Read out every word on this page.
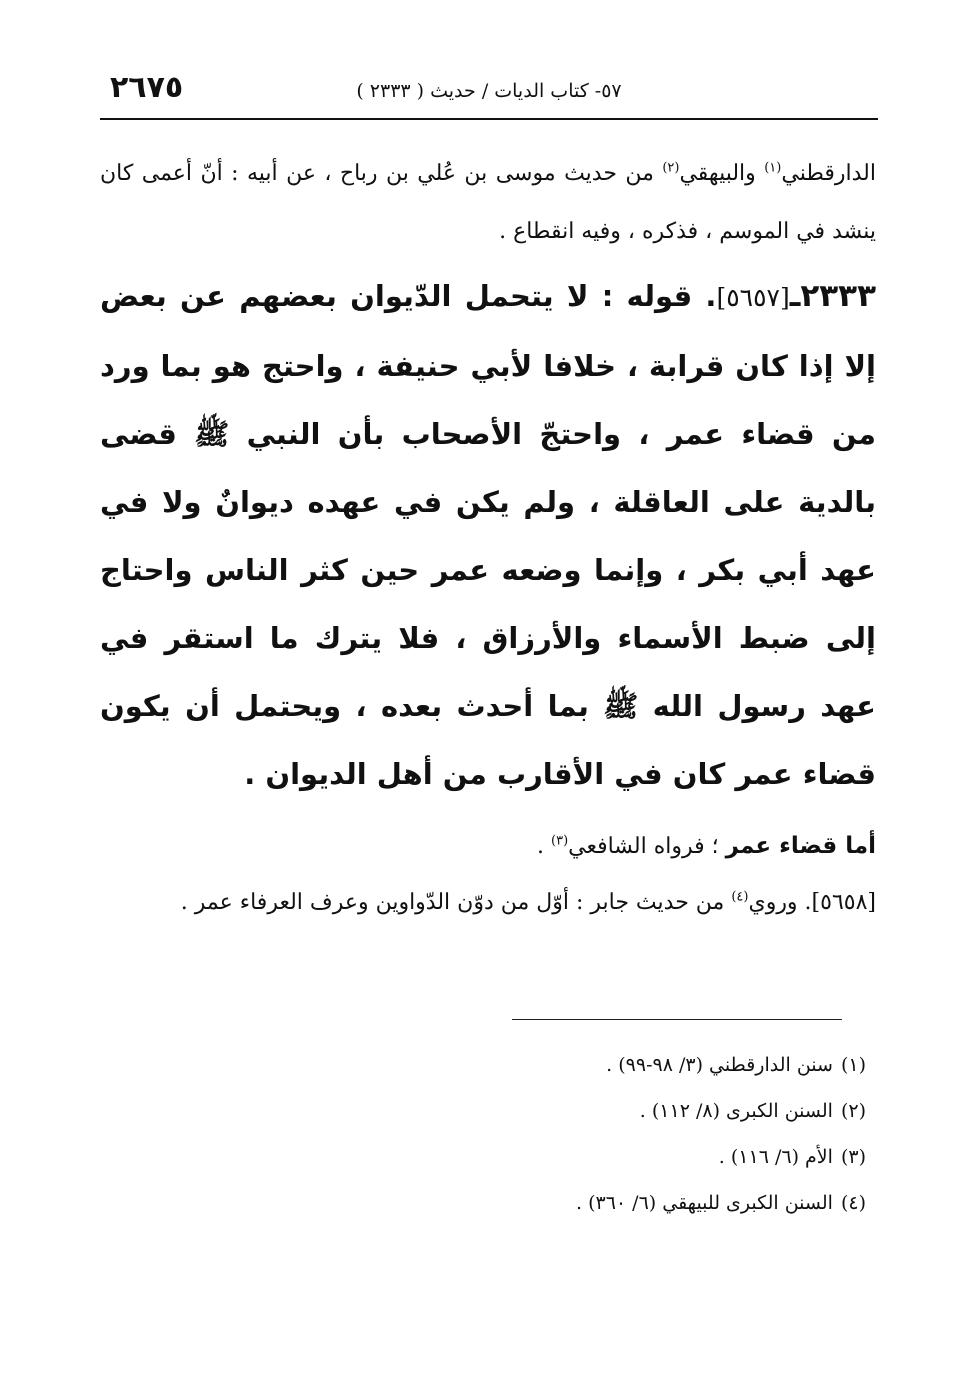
٢٦٧٥	٥٧- كتاب الديات / حديث ( ٢٣٣٣ )

الدارقطني$^{(١)}$ والبيهقي$^{(٢)}$ من حديث موسى بن عُلي بن رباح ، عن أبيه : أنّ أعمى كان ينشد في الموسم ، فذكره ، وفيه انقطاع .

٢٣٣٣ـ[٥٦٥٧]. قوله : لا يتحمل الدّيوان بعضهم عن بعض إلا إذا كان قرابة ، خلافا لأبي حنيفة ، واحتج هو بما ورد من قضاء عمر ، واحتجّ الأصحاب بأن النبي ﷺ قضى بالدية على العاقلة ، ولم يكن في عهده ديوانٌ ولا في عهد أبي بكر ، وإنما وضعه عمر حين كثر الناس واحتاج إلى ضبط الأسماء والأرزاق ، فلا يترك ما استقر في عهد رسول الله ﷺ بما أحدث بعده ، ويحتمل أن يكون قضاء عمر كان في الأقارب من أهل الديوان .

أما قضاء عمر ؛ فرواه الشافعي$^{(٣)}$ .
[٥٦٥٨]. وروي$^{(٤)}$ من حديث جابر : أوّل من دوّن الدّواوين وعرف العرفاء عمر .
(١)سنن الدارقطني (٣/ ٩٨-٩٩) .
(٢)السنن الكبرى (٨/ ١١٢) .
(٣)الأم (٦/ ١١٦) .
(٤)السنن الكبرى للبيهقي (٦/ ٣٦٠) .
